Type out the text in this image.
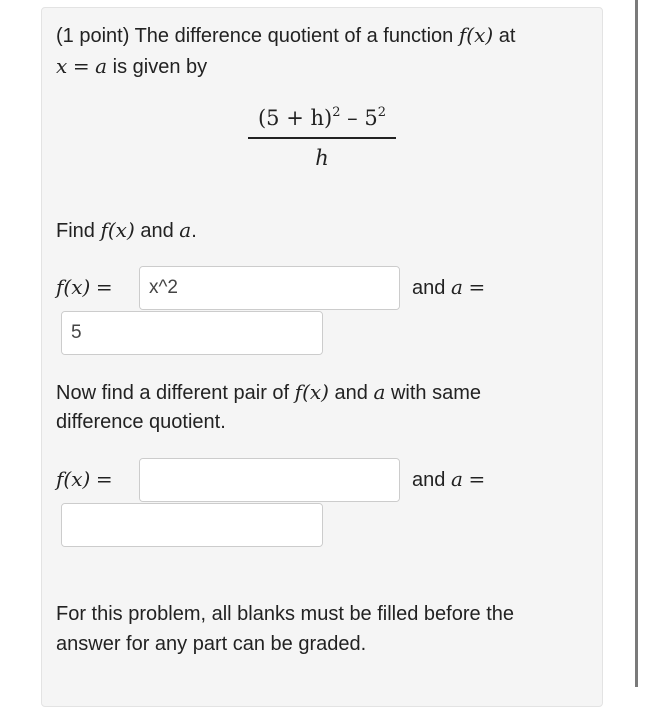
(1 point) The difference quotient of a function f(x) at
x = a is given by
$(5 + h)^2 - 5^2$
h
Find f(x) and a.
f(x) =
x^2	and a =
5
Now find a different pair of f(x) and a with same
difference quotient.
f(x) =	and a =
For this problem, all blanks must be filled before the
answer for any part can be graded.
